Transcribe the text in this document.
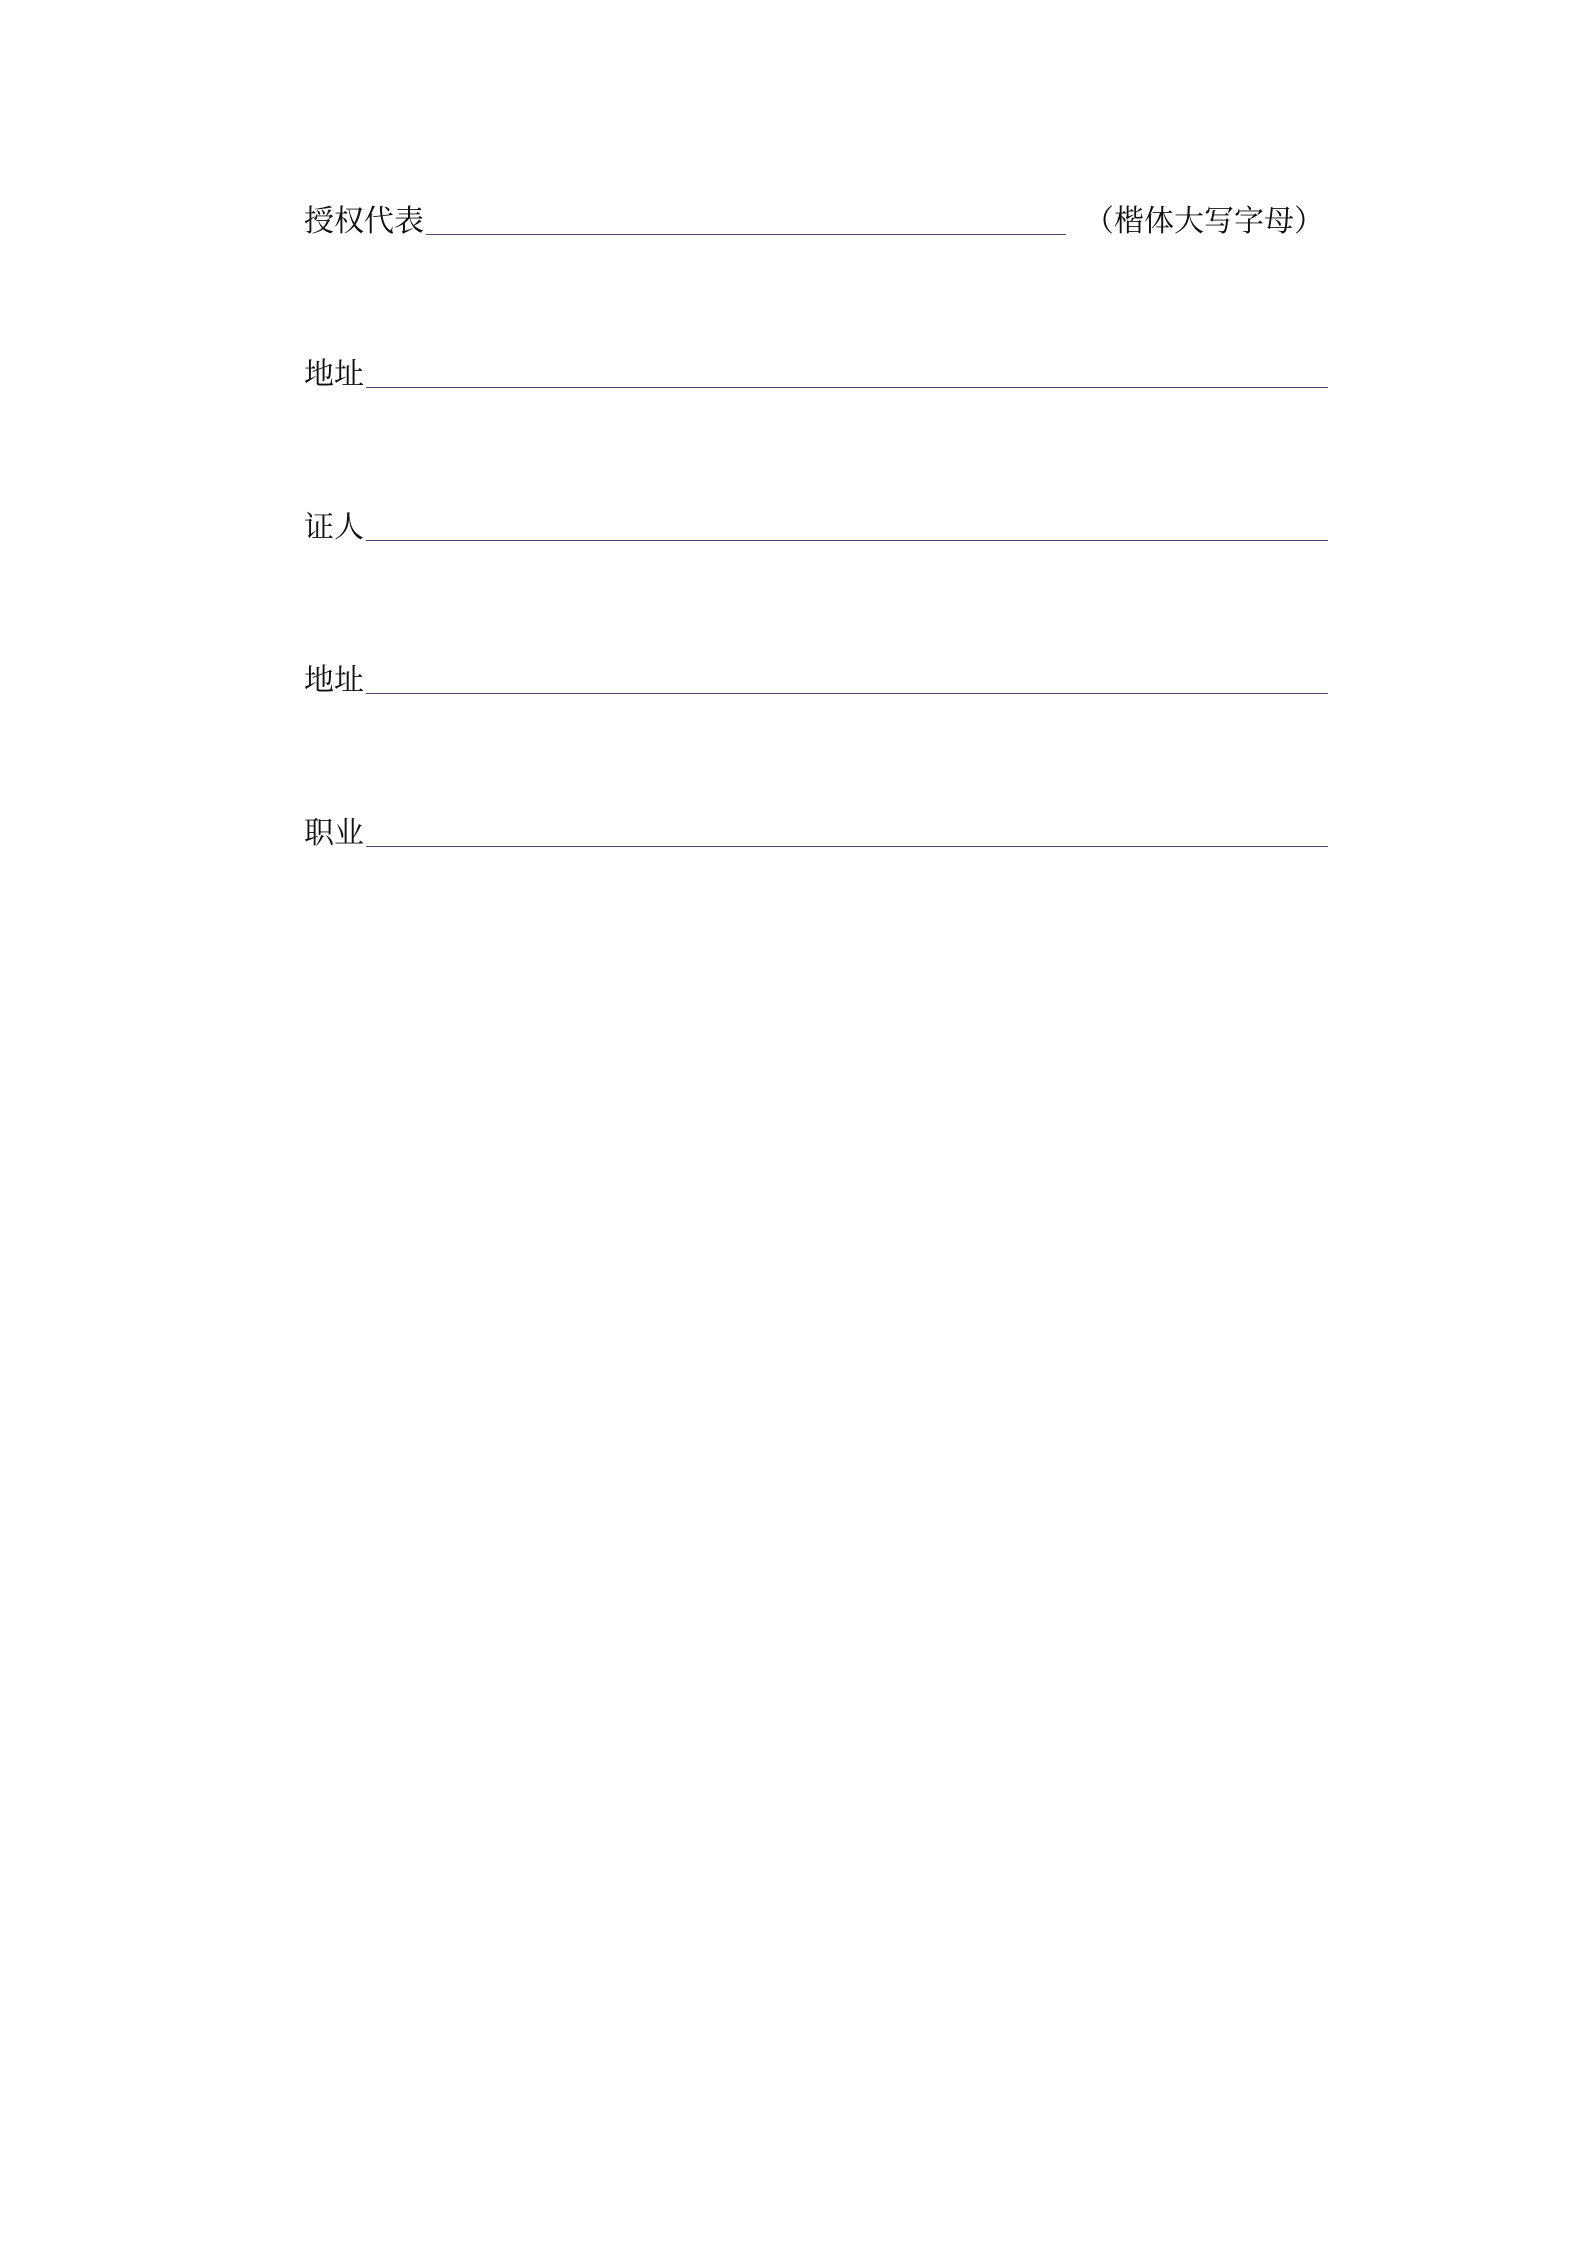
授权代表	（楷体大写字母）
地址
证人
地址
职业
